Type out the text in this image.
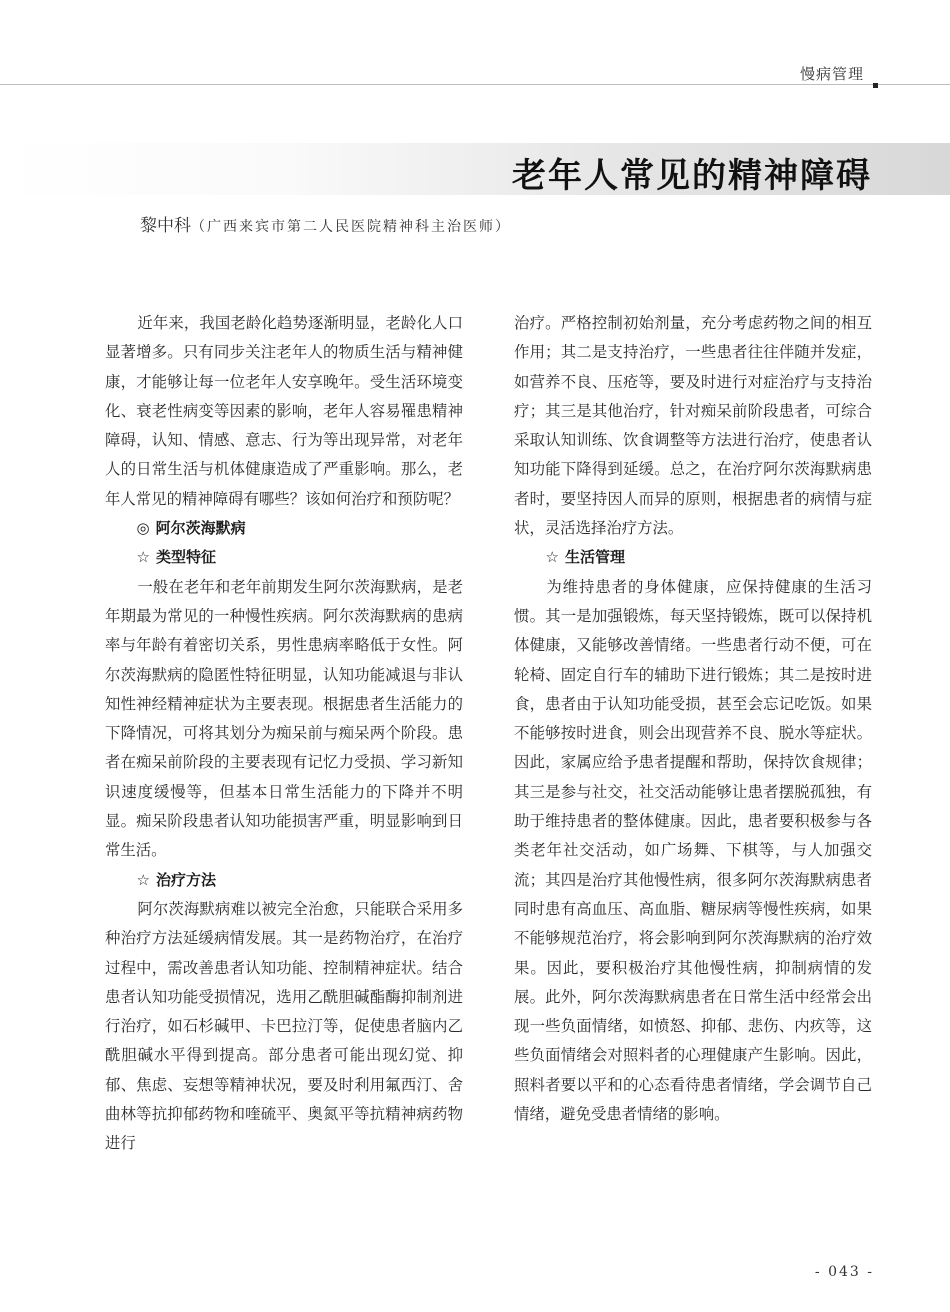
慢病管理
老年人常见的精神障碍
黎中科（广西来宾市第二人民医院精神科主治医师）

近年来，我国老龄化趋势逐渐明显，老龄化人口显著增多。只有同步关注老年人的物质生活与精神健康，才能够让每一位老年人安享晚年。受生活环境变化、衰老性病变等因素的影响，老年人容易罹患精神障碍，认知、情感、意志、行为等出现异常，对老年人的日常生活与机体健康造成了严重影响。那么，老年人常见的精神障碍有哪些？该如何治疗和预防呢？

◎ 阿尔茨海默病
☆ 类型特征

一般在老年和老年前期发生阿尔茨海默病，是老年期最为常见的一种慢性疾病。阿尔茨海默病的患病率与年龄有着密切关系，男性患病率略低于女性。阿尔茨海默病的隐匿性特征明显，认知功能减退与非认知性神经精神症状为主要表现。根据患者生活能力的下降情况，可将其划分为痴呆前与痴呆两个阶段。患者在痴呆前阶段的主要表现有记忆力受损、学习新知识速度缓慢等，但基本日常生活能力的下降并不明显。痴呆阶段患者认知功能损害严重，明显影响到日常生活。

☆ 治疗方法

阿尔茨海默病难以被完全治愈，只能联合采用多种治疗方法延缓病情发展。其一是药物治疗，在治疗过程中，需改善患者认知功能、控制精神症状。结合患者认知功能受损情况，选用乙酰胆碱酯酶抑制剂进行治疗，如石杉碱甲、卡巴拉汀等，促使患者脑内乙酰胆碱水平得到提高。部分患者可能出现幻觉、抑郁、焦虑、妄想等精神状况，要及时利用氟西汀、舍曲林等抗抑郁药物和喹硫平、奥氮平等抗精神病药物进行

治疗。严格控制初始剂量，充分考虑药物之间的相互作用；其二是支持治疗，一些患者往往伴随并发症，如营养不良、压疮等，要及时进行对症治疗与支持治疗；其三是其他治疗，针对痴呆前阶段患者，可综合采取认知训练、饮食调整等方法进行治疗，使患者认知功能下降得到延缓。总之，在治疗阿尔茨海默病患者时，要坚持因人而异的原则，根据患者的病情与症状，灵活选择治疗方法。

☆ 生活管理

为维持患者的身体健康，应保持健康的生活习惯。其一是加强锻炼，每天坚持锻炼，既可以保持机体健康，又能够改善情绪。一些患者行动不便，可在轮椅、固定自行车的辅助下进行锻炼；其二是按时进食，患者由于认知功能受损，甚至会忘记吃饭。如果不能够按时进食，则会出现营养不良、脱水等症状。因此，家属应给予患者提醒和帮助，保持饮食规律；其三是参与社交，社交活动能够让患者摆脱孤独，有助于维持患者的整体健康。因此，患者要积极参与各类老年社交活动，如广场舞、下棋等，与人加强交流；其四是治疗其他慢性病，很多阿尔茨海默病患者同时患有高血压、高血脂、糖尿病等慢性疾病，如果不能够规范治疗，将会影响到阿尔茨海默病的治疗效果。因此，要积极治疗其他慢性病，抑制病情的发展。此外，阿尔茨海默病患者在日常生活中经常会出现一些负面情绪，如愤怒、抑郁、悲伤、内疚等，这些负面情绪会对照料者的心理健康产生影响。因此，照料者要以平和的心态看待患者情绪，学会调节自己情绪，避免受患者情绪的影响。

- 043 -
